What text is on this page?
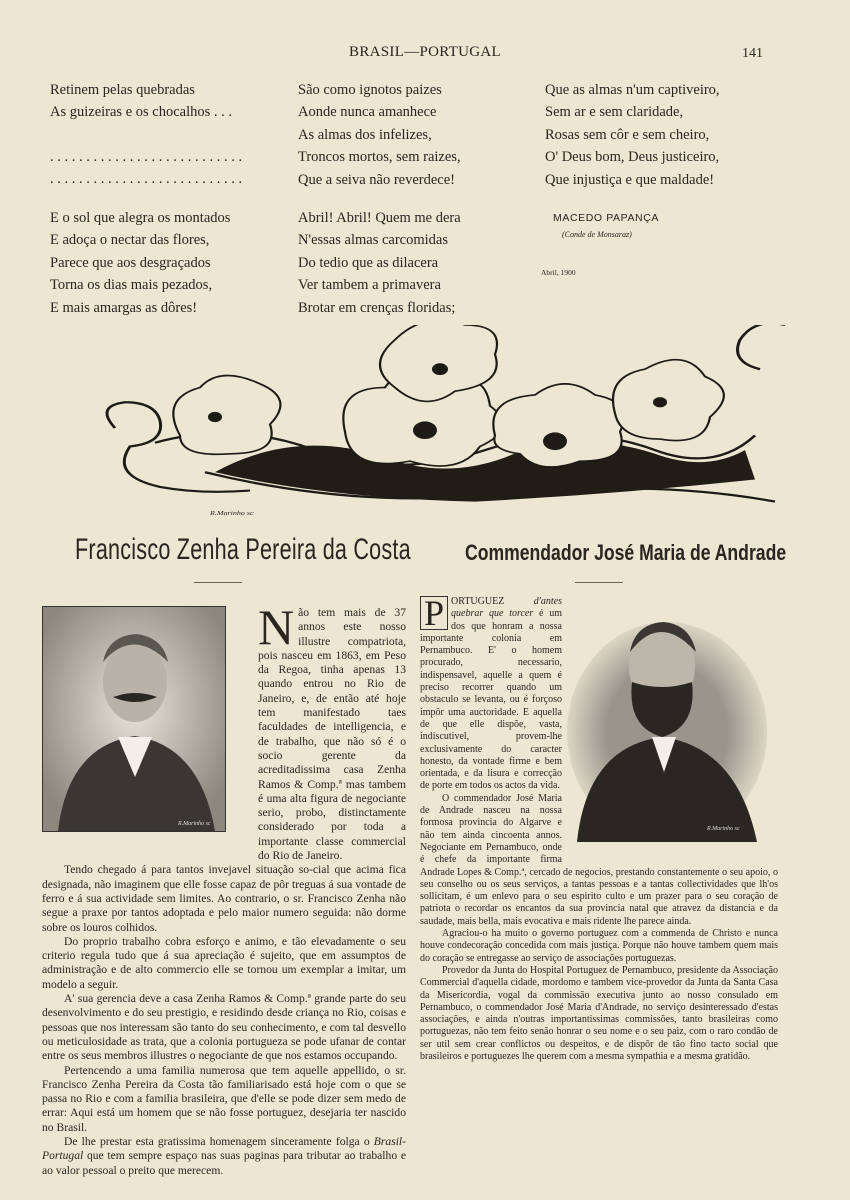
BRASIL—PORTUGAL	141
Retinem pelas quebradas
As guizeiras e os chocalhos . . .
. . . . . . . . . . . . . . . . . . . . . . . . . . .
. . . . . . . . . . . . . . . . . . . . . . . . . . .
E o sol que alegra os montados
E adoça o nectar das flores,
Parece que aos desgraçados
Torna os dias mais pezados,
E mais amargas as dôres!
São como ignotos paizes
Aonde nunca amanhece
As almas dos infelizes,
Troncos mortos, sem raizes,
Que a seiva não reverdece!
Abril! Abril! Quem me dera
N'essas almas carcomidas
Do tedio que as dilacera
Ver tambem a primavera
Brotar em crenças floridas;
Que as almas n'um captiveiro,
Sem ar e sem claridade,
Rosas sem côr e sem cheiro,
O' Deus bom, Deus justiceiro,
Que injustiça e que maldade!
MACEDO PAPANÇA
(Conde de Monsaraz)
Abril, 1900
R.Marinho sc
Francisco Zenha Pereira da Costa
R.Marinho sc

Não tem mais de 37 annos este nosso illustre compatriota, pois nasceu em 1863, em Peso da Regoa, tinha apenas 13 quando entrou no Rio de Janeiro, e, de então até hoje tem manifestado taes faculdades de intelligencia, e de trabalho, que não só é o socio gerente da acreditadissima casa Zenha Ramos & Comp.ª mas tambem é uma alta figura de negociante serio, probo, distinctamente considerado por toda a importante classe commercial do Rio de Janeiro.

Tendo chegado á para tantos invejavel situação so-cial que acima fica designada, não imaginem que elle fosse capaz de pôr treguas á sua vontade de ferro e á sua actividade sem limites. Ao contrario, o sr. Francisco Zenha não segue a praxe por tantos adoptada e pelo maior numero seguida: não dorme sobre os louros colhidos.

Do proprio trabalho cobra esforço e animo, e tão elevadamente o seu criterio regula tudo que á sua apreciação é sujeito, que em assumptos de administração e de alto commercio elle se tornou um exemplar a imitar, um modelo a seguir.

A' sua gerencia deve a casa Zenha Ramos & Comp.ª grande parte do seu desenvolvimento e do seu prestigio, e residindo desde criança no Rio, coisas e pessoas que nos interessam são tanto do seu conhecimento, e com tal desvello ou meticulosidade as trata, que a colonia portugueza se pode ufanar de contar entre os seus membros illustres o negociante de que nos estamos occupando.

Pertencendo a uma familia numerosa que tem aquelle appellido, o sr. Francisco Zenha Pereira da Costa tão familiarisado está hoje com o que se passa no Rio e com a familia brasileira, que d'elle se pode dizer sem medo de errar: Aqui está um homem que se não fosse portuguez, desejaria ter nascido no Brasil.

De lhe prestar esta gratissima homenagem sinceramente folga o Brasil-Portugal que tem sempre espaço nas suas paginas para tributar ao trabalho e ao valor pessoal o preito que merecem.

Commendador José Maria de Andrade
R.Marinho sc

P ORTUGUEZ	d'antes quebrar que torcer é um dos que honram a nossa importante colonia em Pernambuco. E' o homem procurado, necessario, indispensavel, aquelle a quem é preciso recorrer quando um obstaculo se levanta, ou é forçoso impôr uma auctoridade. E aquella de que elle dispõe, vasta, indiscutivel, provem-lhe exclusivamente do caracter honesto, da vontade firme e bem orientada, e da lisura e correcção de porte em todos os actos da vida.

O commendador José Maria de Andrade nasceu na nossa formosa provincia do Algarve e não tem ainda cincoenta annos. Negociante em Pernambuco, onde é chefe da importante firma Andrade Lopes & Comp.ª, cercado de negocios, prestando constantemente o seu apoio, o seu conselho ou os seus serviços, a tantas pessoas e a tantas collectividades que lh'os sollicitam, é um enlevo para o seu espirito culto e um prazer para o seu coração de patriota o recordar os encantos da sua provincia natal que atravez da distancia e da saudade, mais bella, mais evocativa e mais ridente lhe parece ainda.

Agraciou-o ha muito o governo portuguez com a commenda de Christo e nunca houve condecoração concedida com mais justiça. Porque não houve tambem quem mais do coração se entregasse ao serviço de associações portuguezas.

Provedor da Junta do Hospital Portuguez de Pernambuco, presidente da Associação Commercial d'aquella cidade, mordomo e tambem vice-provedor da Junta da Santa Casa da Misericordia, vogal da commissão executiva junto ao nosso consulado em Pernambuco, o commendador José Maria d'Andrade, no serviço desinteressado d'estas associações, e ainda n'outras importantissimas commissões, tanto brasileiras como portuguezas, não tem feito senão honrar o seu nome e o seu paiz, com o raro condão de ser util sem crear conflictos ou despeitos, e de dispôr de tão fino tacto social que brasileiros e portuguezes lhe querem com a mesma sympathia e a mesma gratidão.
